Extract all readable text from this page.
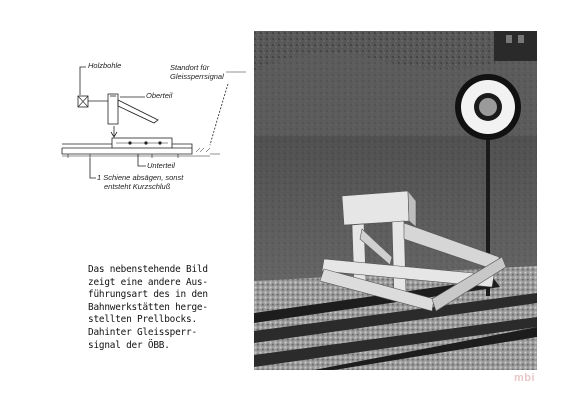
Holzbohle	Standort für
Gleissperrsignal
Oberteil
Unterteil
1 Schiene absägen, sonst
entsteht Kurzschluß
Das nebenstehende Bild
zeigt eine andere Aus-
führungsart des in den
Bahnwerkstätten herge-
stellten Prellbocks.
Dahinter Gleissperr-
signal der ÖBB.
mbi
